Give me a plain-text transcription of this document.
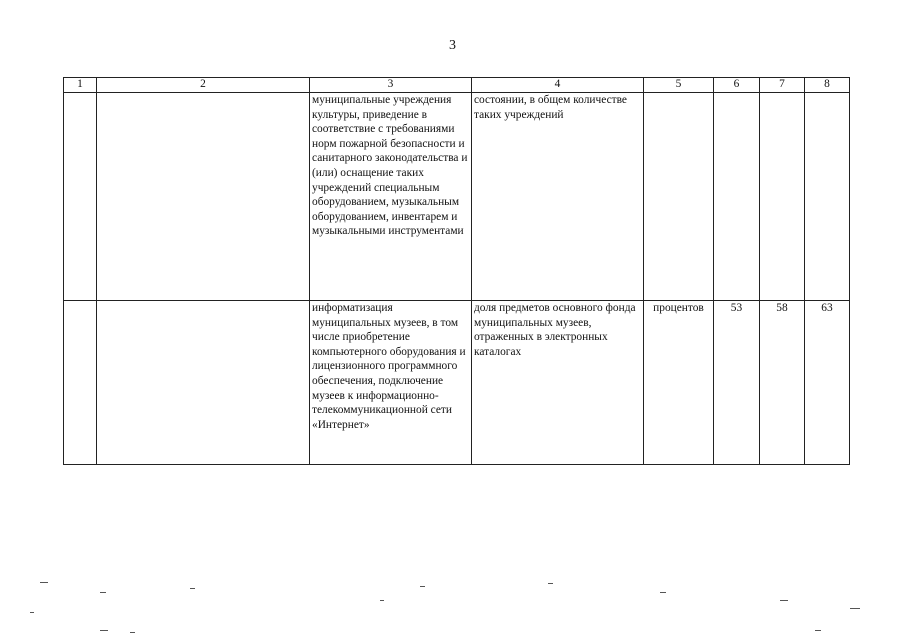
3
1	2	3	4	5	6	7	8
		муниципальные учреждения культуры, приведение в соответствие с требованиями норм пожарной безопасности и санитарного законодательства и (или) оснащение таких учреждений специальным оборудованием, музыкальным оборудованием, инвентарем и музыкальными инструментами	состоянии, в общем количестве таких учреждений				
		информатизация муниципальных музеев, в том числе приобретение компьютерного оборудования и лицензионного программного обеспечения, подключение музеев к информационно-телекоммуникационной сети «Интернет»	доля предметов основного фонда муниципальных музеев, отраженных в электронных каталогах	процентов	53	58	63
